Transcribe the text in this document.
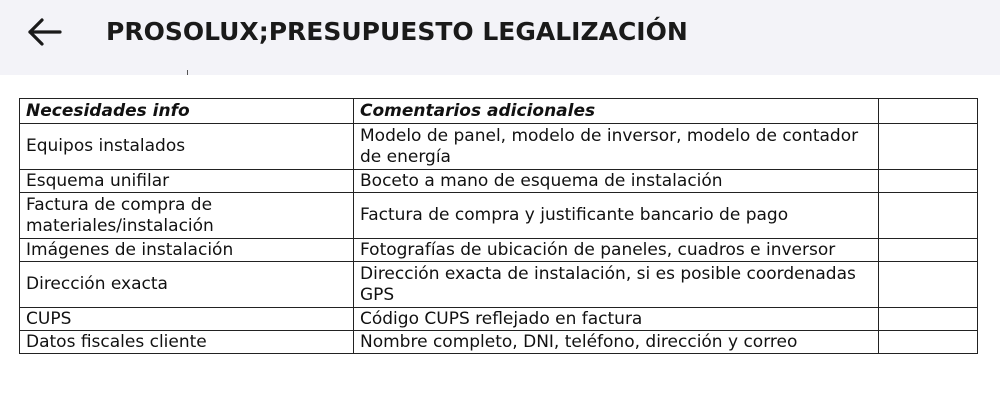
PROSOLUX;PRESUPUESTO LEGALIZACIÓN
Necesidades info	Comentarios adicionales	
Equipos instalados	Modelo de panel, modelo de inversor, modelo de contador de energía	
Esquema unifilar	Boceto a mano de esquema de instalación	
Factura de compra de materiales/instalación	Factura de compra y justificante bancario de pago	
Imágenes de instalación	Fotografías de ubicación de paneles, cuadros e inversor	
Dirección exacta	Dirección exacta de instalación, si es posible coordenadas GPS	
CUPS	Código CUPS reflejado en factura	
Datos fiscales cliente	Nombre completo, DNI, teléfono, dirección y correo	
